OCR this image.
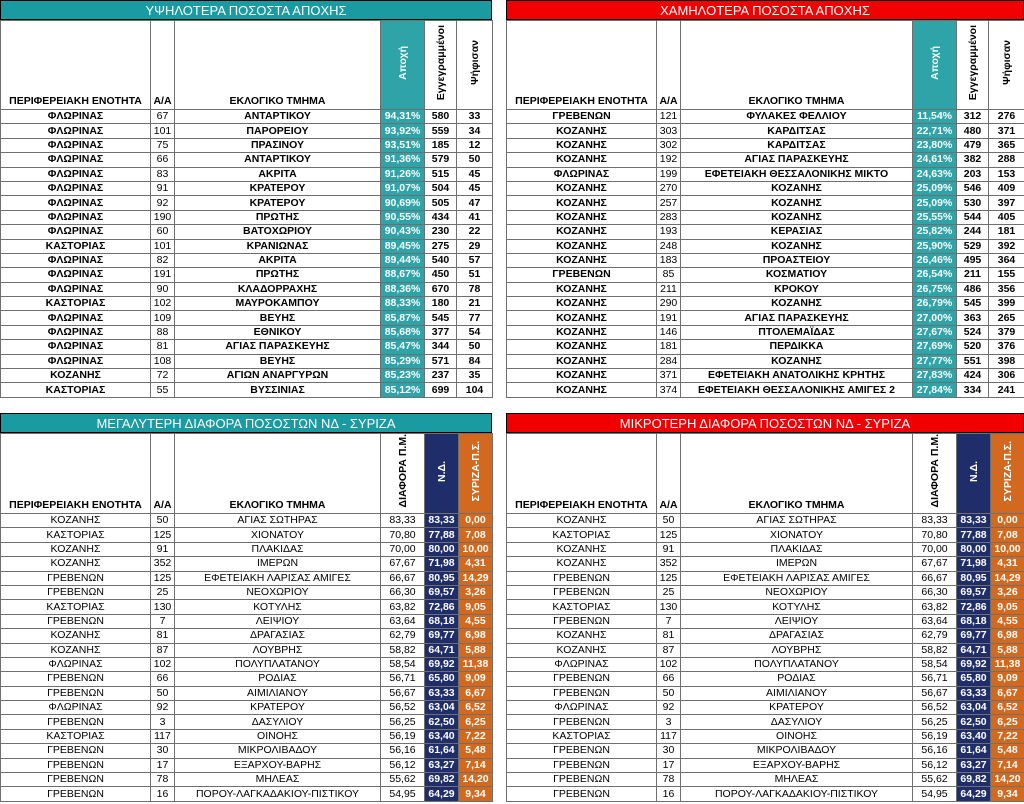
ΥΨΗΛΟΤΕΡΑ ΠΟΣΟΣΤΑ ΑΠΟΧΗΣ
ΠΕΡΙΦΕΡΕΙΑΚΗ ΕΝΟΤΗΤΑ	Α/Α	ΕΚΛΟΓΙΚΟ ΤΜΗΜΑ	Αποχή	Εγγεγραμμένοι	Ψήφισαν
ΦΛΩΡΙΝΑΣ	67	ΑΝΤΑΡΤΙΚΟΥ	94,31%	580	33
ΦΛΩΡΙΝΑΣ	101	ΠΑΡΟΡΕΙΟΥ	93,92%	559	34
ΦΛΩΡΙΝΑΣ	75	ΠΡΑΣΙΝΟΥ	93,51%	185	12
ΦΛΩΡΙΝΑΣ	66	ΑΝΤΑΡΤΙΚΟΥ	91,36%	579	50
ΦΛΩΡΙΝΑΣ	83	ΑΚΡΙΤΑ	91,26%	515	45
ΦΛΩΡΙΝΑΣ	91	ΚΡΑΤΕΡΟΥ	91,07%	504	45
ΦΛΩΡΙΝΑΣ	92	ΚΡΑΤΕΡΟΥ	90,69%	505	47
ΦΛΩΡΙΝΑΣ	190	ΠΡΩΤΗΣ	90,55%	434	41
ΦΛΩΡΙΝΑΣ	60	ΒΑΤΟΧΩΡΙΟΥ	90,43%	230	22
ΚΑΣΤΟΡΙΑΣ	101	ΚΡΑΝΙΩΝΑΣ	89,45%	275	29
ΦΛΩΡΙΝΑΣ	82	ΑΚΡΙΤΑ	89,44%	540	57
ΦΛΩΡΙΝΑΣ	191	ΠΡΩΤΗΣ	88,67%	450	51
ΦΛΩΡΙΝΑΣ	90	ΚΛΑΔΟΡΡΑΧΗΣ	88,36%	670	78
ΚΑΣΤΟΡΙΑΣ	102	ΜΑΥΡΟΚΑΜΠΟΥ	88,33%	180	21
ΦΛΩΡΙΝΑΣ	109	ΒΕΥΗΣ	85,87%	545	77
ΦΛΩΡΙΝΑΣ	88	ΕΘΝΙΚΟΥ	85,68%	377	54
ΦΛΩΡΙΝΑΣ	81	ΑΓΙΑΣ ΠΑΡΑΣΚΕΥΗΣ	85,47%	344	50
ΦΛΩΡΙΝΑΣ	108	ΒΕΥΗΣ	85,29%	571	84
ΚΟΖΑΝΗΣ	72	ΑΓΙΩΝ ΑΝΑΡΓΥΡΩΝ	85,23%	237	35
ΚΑΣΤΟΡΙΑΣ	55	ΒΥΣΣΙΝΙΑΣ	85,12%	699	104
ΧΑΜΗΛΟΤΕΡΑ ΠΟΣΟΣΤΑ ΑΠΟΧΗΣ
ΠΕΡΙΦΕΡΕΙΑΚΗ ΕΝΟΤΗΤΑ	Α/Α	ΕΚΛΟΓΙΚΟ ΤΜΗΜΑ	Αποχή	Εγγεγραμμένοι	Ψήφισαν
ΓΡΕΒΕΝΩΝ	121	ΦΥΛΑΚΕΣ ΦΕΛΛΙΟΥ	11,54%	312	276
ΚΟΖΑΝΗΣ	303	ΚΑΡΔΙΤΣΑΣ	22,71%	480	371
ΚΟΖΑΝΗΣ	302	ΚΑΡΔΙΤΣΑΣ	23,80%	479	365
ΚΟΖΑΝΗΣ	192	ΑΓΙΑΣ ΠΑΡΑΣΚΕΥΗΣ	24,61%	382	288
ΦΛΩΡΙΝΑΣ	199	ΕΦΕΤΕΙΑΚΗ ΘΕΣΣΑΛΟΝΙΚΗΣ ΜΙΚΤΟ	24,63%	203	153
ΚΟΖΑΝΗΣ	270	ΚΟΖΑΝΗΣ	25,09%	546	409
ΚΟΖΑΝΗΣ	257	ΚΟΖΑΝΗΣ	25,09%	530	397
ΚΟΖΑΝΗΣ	283	ΚΟΖΑΝΗΣ	25,55%	544	405
ΚΟΖΑΝΗΣ	193	ΚΕΡΑΣΙΑΣ	25,82%	244	181
ΚΟΖΑΝΗΣ	248	ΚΟΖΑΝΗΣ	25,90%	529	392
ΚΟΖΑΝΗΣ	183	ΠΡΟΑΣΤΕΙΟΥ	26,46%	495	364
ΓΡΕΒΕΝΩΝ	85	ΚΟΣΜΑΤΙΟΥ	26,54%	211	155
ΚΟΖΑΝΗΣ	211	ΚΡΟΚΟΥ	26,75%	486	356
ΚΟΖΑΝΗΣ	290	ΚΟΖΑΝΗΣ	26,79%	545	399
ΚΟΖΑΝΗΣ	191	ΑΓΙΑΣ ΠΑΡΑΣΚΕΥΗΣ	27,00%	363	265
ΚΟΖΑΝΗΣ	146	ΠΤΟΛΕΜΑΪΔΑΣ	27,67%	524	379
ΚΟΖΑΝΗΣ	181	ΠΕΡΔΙΚΚΑ	27,69%	520	376
ΚΟΖΑΝΗΣ	284	ΚΟΖΑΝΗΣ	27,77%	551	398
ΚΟΖΑΝΗΣ	371	ΕΦΕΤΕΙΑΚΗ ΑΝΑΤΟΛΙΚΗΣ ΚΡΗΤΗΣ	27,83%	424	306
ΚΟΖΑΝΗΣ	374	ΕΦΕΤΕΙΑΚΗ ΘΕΣΣΑΛΟΝΙΚΗΣ ΑΜΙΓΕΣ 2	27,84%	334	241
ΜΕΓΑΛΥΤΕΡΗ ΔΙΑΦΟΡΑ ΠΟΣΟΣΤΩΝ ΝΔ - ΣΥΡΙΖΑ
ΠΕΡΙΦΕΡΕΙΑΚΗ ΕΝΟΤΗΤΑ	Α/Α	ΕΚΛΟΓΙΚΟ ΤΜΗΜΑ	ΔΙΑΦΟΡΑ Π.Μ.	Ν.Δ.	ΣΥΡΙΖΑ-Π.Σ.
ΚΟΖΑΝΗΣ	50	ΑΓΙΑΣ ΣΩΤΗΡΑΣ	83,33	83,33	0,00
ΚΑΣΤΟΡΙΑΣ	125	ΧΙΟΝΑΤΟΥ	70,80	77,88	7,08
ΚΟΖΑΝΗΣ	91	ΠΛΑΚΙΔΑΣ	70,00	80,00	10,00
ΚΟΖΑΝΗΣ	352	ΙΜΕΡΩΝ	67,67	71,98	4,31
ΓΡΕΒΕΝΩΝ	125	ΕΦΕΤΕΙΑΚΗ ΛΑΡΙΣΑΣ ΑΜΙΓΕΣ	66,67	80,95	14,29
ΓΡΕΒΕΝΩΝ	25	ΝΕΟΧΩΡΙΟΥ	66,30	69,57	3,26
ΚΑΣΤΟΡΙΑΣ	130	ΚΟΤΥΛΗΣ	63,82	72,86	9,05
ΓΡΕΒΕΝΩΝ	7	ΛΕΙΨΙΟΥ	63,64	68,18	4,55
ΚΟΖΑΝΗΣ	81	ΔΡΑΓΑΣΙΑΣ	62,79	69,77	6,98
ΚΟΖΑΝΗΣ	87	ΛΟΥΒΡΗΣ	58,82	64,71	5,88
ΦΛΩΡΙΝΑΣ	102	ΠΟΛΥΠΛΑΤΑΝΟΥ	58,54	69,92	11,38
ΓΡΕΒΕΝΩΝ	66	ΡΟΔΙΑΣ	56,71	65,80	9,09
ΓΡΕΒΕΝΩΝ	50	ΑΙΜΙΛΙΑΝΟΥ	56,67	63,33	6,67
ΦΛΩΡΙΝΑΣ	92	ΚΡΑΤΕΡΟΥ	56,52	63,04	6,52
ΓΡΕΒΕΝΩΝ	3	ΔΑΣΥΛΙΟΥ	56,25	62,50	6,25
ΚΑΣΤΟΡΙΑΣ	117	ΟΙΝΟΗΣ	56,19	63,40	7,22
ΓΡΕΒΕΝΩΝ	30	ΜΙΚΡΟΛΙΒΑΔΟΥ	56,16	61,64	5,48
ΓΡΕΒΕΝΩΝ	17	ΕΞΑΡΧΟΥ-ΒΑΡΗΣ	56,12	63,27	7,14
ΓΡΕΒΕΝΩΝ	78	ΜΗΛΕΑΣ	55,62	69,82	14,20
ΓΡΕΒΕΝΩΝ	16	ΠΟΡΟΥ-ΛΑΓΚΑΔΑΚΙΟΥ-ΠΙΣΤΙΚΟΥ	54,95	64,29	9,34
ΜΙΚΡΟΤΕΡΗ ΔΙΑΦΟΡΑ ΠΟΣΟΣΤΩΝ ΝΔ - ΣΥΡΙΖΑ
ΠΕΡΙΦΕΡΕΙΑΚΗ ΕΝΟΤΗΤΑ	Α/Α	ΕΚΛΟΓΙΚΟ ΤΜΗΜΑ	ΔΙΑΦΟΡΑ Π.Μ.	Ν.Δ.	ΣΥΡΙΖΑ-Π.Σ.
ΚΟΖΑΝΗΣ	50	ΑΓΙΑΣ ΣΩΤΗΡΑΣ	83,33	83,33	0,00
ΚΑΣΤΟΡΙΑΣ	125	ΧΙΟΝΑΤΟΥ	70,80	77,88	7,08
ΚΟΖΑΝΗΣ	91	ΠΛΑΚΙΔΑΣ	70,00	80,00	10,00
ΚΟΖΑΝΗΣ	352	ΙΜΕΡΩΝ	67,67	71,98	4,31
ΓΡΕΒΕΝΩΝ	125	ΕΦΕΤΕΙΑΚΗ ΛΑΡΙΣΑΣ ΑΜΙΓΕΣ	66,67	80,95	14,29
ΓΡΕΒΕΝΩΝ	25	ΝΕΟΧΩΡΙΟΥ	66,30	69,57	3,26
ΚΑΣΤΟΡΙΑΣ	130	ΚΟΤΥΛΗΣ	63,82	72,86	9,05
ΓΡΕΒΕΝΩΝ	7	ΛΕΙΨΙΟΥ	63,64	68,18	4,55
ΚΟΖΑΝΗΣ	81	ΔΡΑΓΑΣΙΑΣ	62,79	69,77	6,98
ΚΟΖΑΝΗΣ	87	ΛΟΥΒΡΗΣ	58,82	64,71	5,88
ΦΛΩΡΙΝΑΣ	102	ΠΟΛΥΠΛΑΤΑΝΟΥ	58,54	69,92	11,38
ΓΡΕΒΕΝΩΝ	66	ΡΟΔΙΑΣ	56,71	65,80	9,09
ΓΡΕΒΕΝΩΝ	50	ΑΙΜΙΛΙΑΝΟΥ	56,67	63,33	6,67
ΦΛΩΡΙΝΑΣ	92	ΚΡΑΤΕΡΟΥ	56,52	63,04	6,52
ΓΡΕΒΕΝΩΝ	3	ΔΑΣΥΛΙΟΥ	56,25	62,50	6,25
ΚΑΣΤΟΡΙΑΣ	117	ΟΙΝΟΗΣ	56,19	63,40	7,22
ΓΡΕΒΕΝΩΝ	30	ΜΙΚΡΟΛΙΒΑΔΟΥ	56,16	61,64	5,48
ΓΡΕΒΕΝΩΝ	17	ΕΞΑΡΧΟΥ-ΒΑΡΗΣ	56,12	63,27	7,14
ΓΡΕΒΕΝΩΝ	78	ΜΗΛΕΑΣ	55,62	69,82	14,20
ΓΡΕΒΕΝΩΝ	16	ΠΟΡΟΥ-ΛΑΓΚΑΔΑΚΙΟΥ-ΠΙΣΤΙΚΟΥ	54,95	64,29	9,34
